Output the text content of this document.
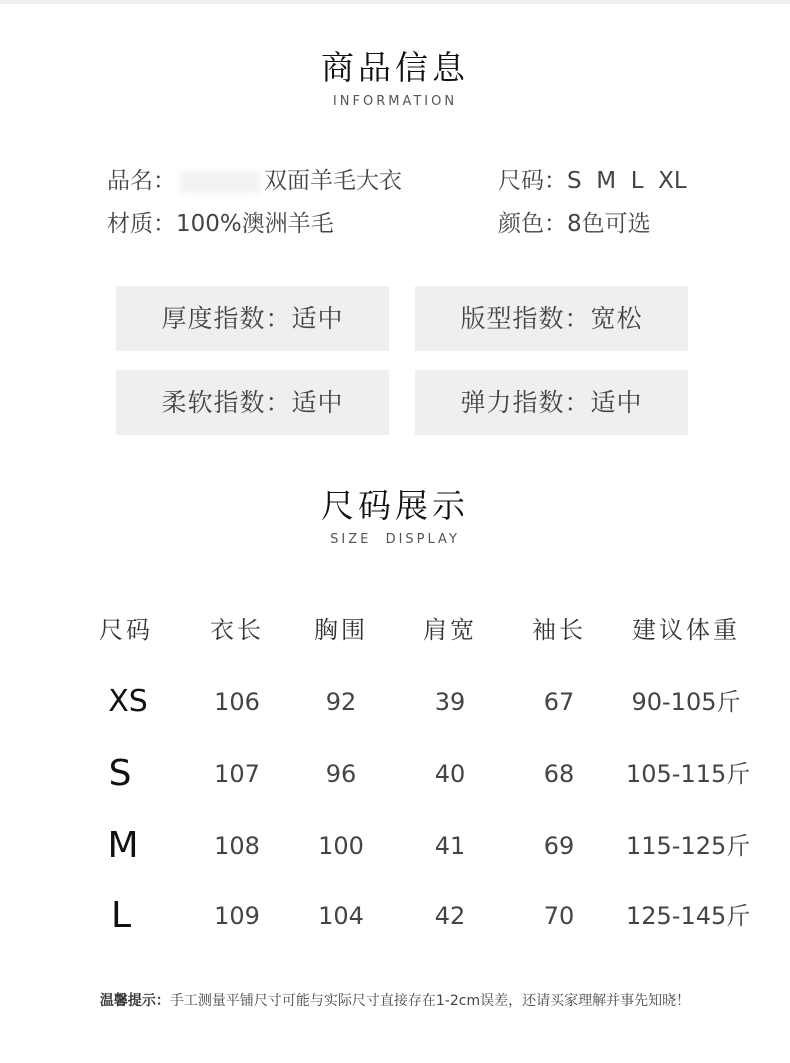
商品信息
INFORMATION
品名：	双面羊毛大衣	尺码：S  M  L  XL
材质：100%澳洲羊毛	颜色：8色可选
厚度指数：适中	版型指数：宽松
柔软指数：适中	弹力指数：适中
尺码展示
SIZE  DISPLAY
尺码	衣长	胸围	肩宽	袖长	建议体重
XS	106	92	39	67	90-105斤
S	107	96	40	68	105-115斤
M	108	100	41	69	115-125斤
L	109	104	42	70	125-145斤
温馨提示：手工测量平铺尺寸可能与实际尺寸直接存在1-2cm误差，还请买家理解并事先知晓！
